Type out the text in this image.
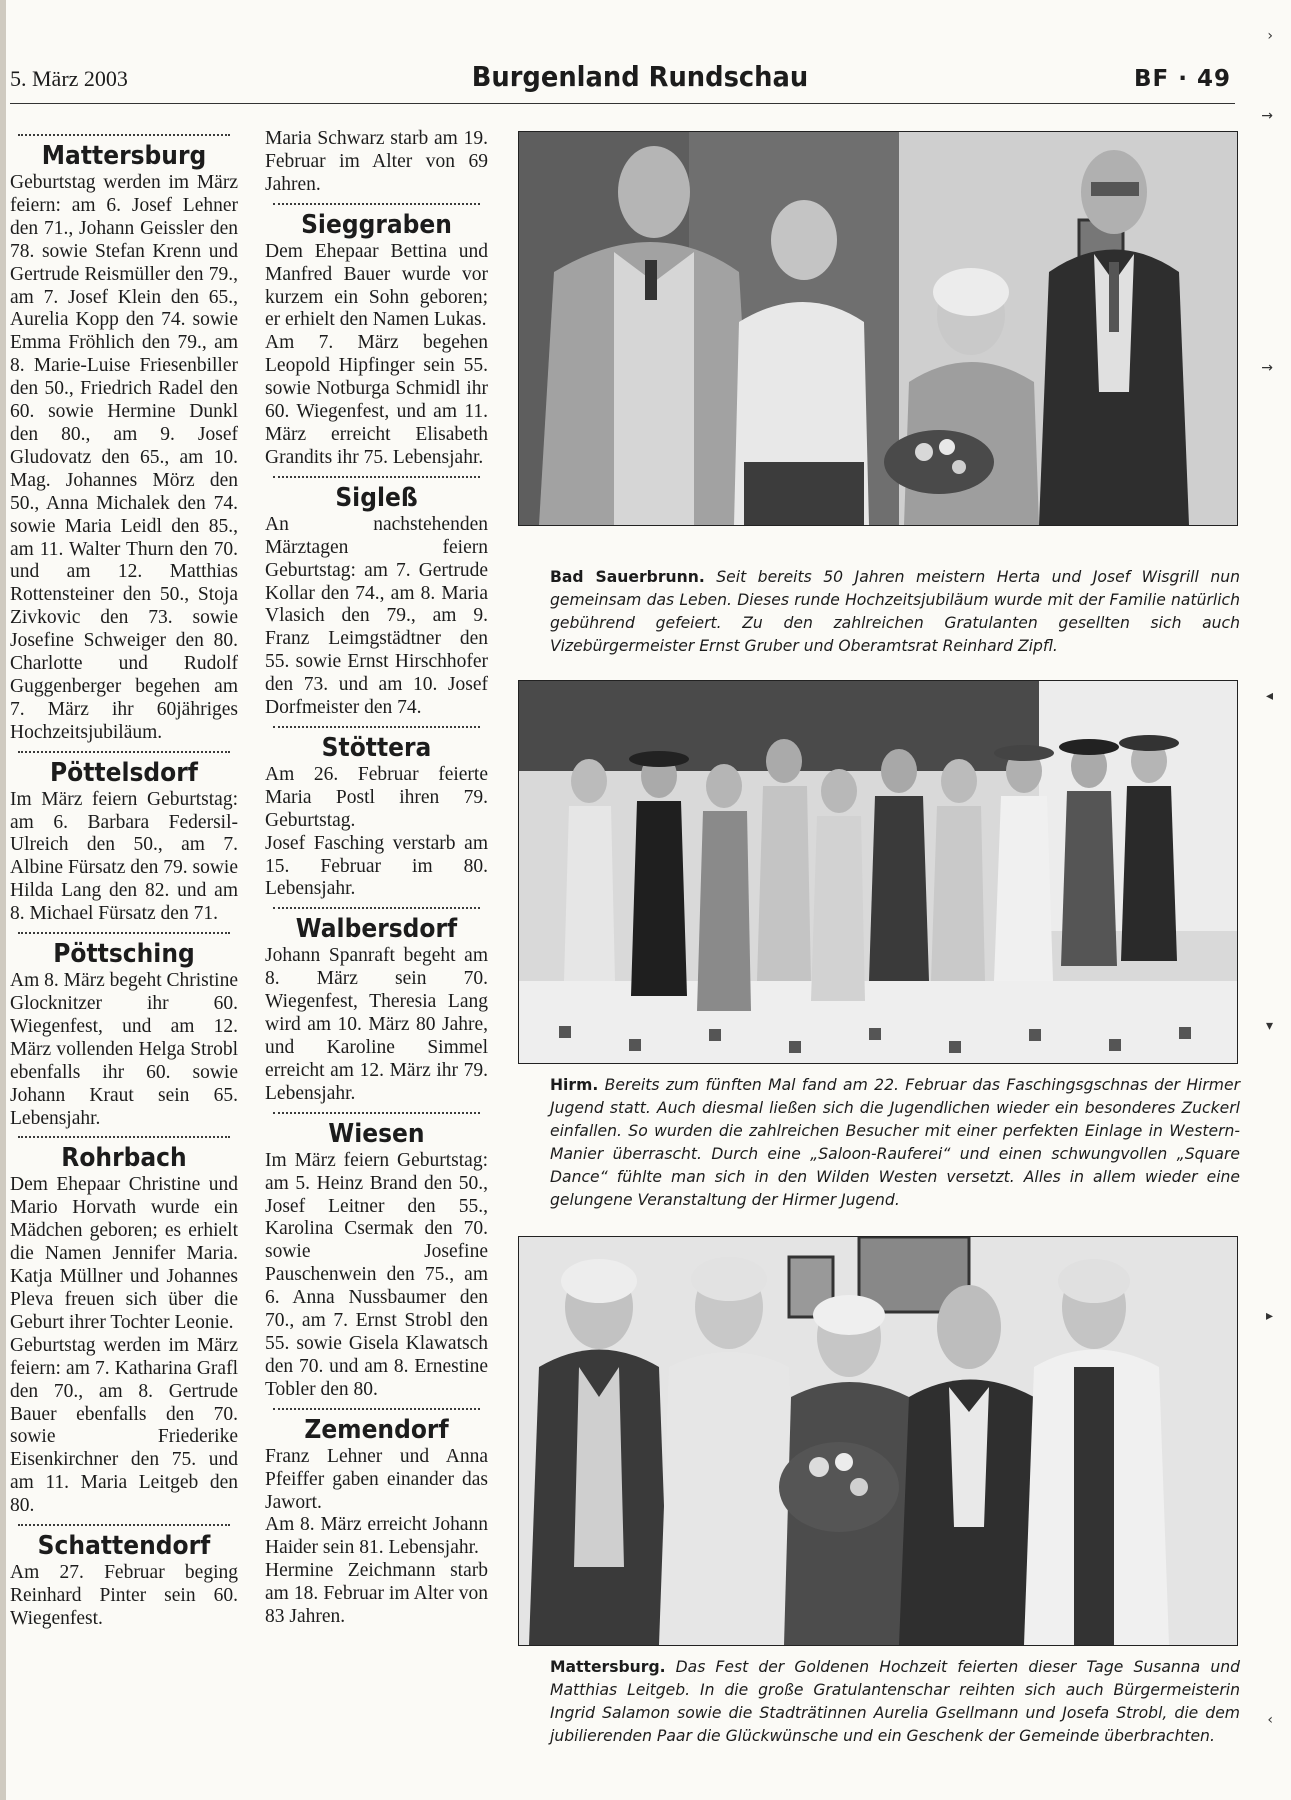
5. März 2003	Burgenland Rundschau	BF · 49
Mattersburg

Geburtstag werden im März feiern: am 6. Josef Lehner den 71., Johann Geissler den 78. sowie Stefan Krenn und Gertrude Reismüller den 79., am 7. Josef Klein den 65., Aurelia Kopp den 74. sowie Emma Fröhlich den 79., am 8. Marie-Luise Friesenbiller den 50., Friedrich Radel den 60. sowie Hermine Dunkl den 80., am 9. Josef Gludovatz den 65., am 10. Mag. Johannes Mörz den 50., Anna Michalek den 74. sowie Maria Leidl den 85., am 11. Walter Thurn den 70. und am 12. Matthias Rottensteiner den 50., Stoja Zivkovic den 73. sowie Josefine Schweiger den 80. Charlotte und Rudolf Guggenberger begehen am 7. März ihr 60jähriges Hochzeitsjubiläum.

Pöttelsdorf

Im März feiern Geburtstag: am 6. Barbara Federsil-Ulreich den 50., am 7. Albine Fürsatz den 79. sowie Hilda Lang den 82. und am 8. Michael Fürsatz den 71.

Pöttsching

Am 8. März begeht Christine Glocknitzer ihr 60. Wiegenfest, und am 12. März vollenden Helga Strobl ebenfalls ihr 60. sowie Johann Kraut sein 65. Lebensjahr.

Rohrbach

Dem Ehepaar Christine und Mario Horvath wurde ein Mädchen geboren; es erhielt die Namen Jennifer Maria. Katja Müllner und Johannes Pleva freuen sich über die Geburt ihrer Tochter Leonie.

Geburtstag werden im März feiern: am 7. Katharina Grafl den 70., am 8. Gertrude Bauer ebenfalls den 70. sowie Friederike Eisenkirchner den 75. und am 11. Maria Leitgeb den 80.

Schattendorf

Am 27. Februar beging Reinhard Pinter sein 60. Wiegenfest.

Maria Schwarz starb am 19. Februar im Alter von 69 Jahren.

Sieggraben

Dem Ehepaar Bettina und Manfred Bauer wurde vor kurzem ein Sohn geboren; er erhielt den Namen Lukas.

Am 7. März begehen Leopold Hipfinger sein 55. sowie Notburga Schmidl ihr 60. Wiegenfest, und am 11. März erreicht Elisabeth Grandits ihr 75. Lebensjahr.

Sigleß

An nachstehenden Märztagen feiern Geburtstag: am 7. Gertrude Kollar den 74., am 8. Maria Vlasich den 79., am 9. Franz Leimgstädtner den 55. sowie Ernst Hirschhofer den 73. und am 10. Josef Dorfmeister den 74.

Stöttera

Am 26. Februar feierte Maria Postl ihren 79. Geburtstag.

Josef Fasching verstarb am 15. Februar im 80. Lebensjahr.

Walbersdorf

Johann Spanraft begeht am 8. März sein 70. Wiegenfest, Theresia Lang wird am 10. März 80 Jahre, und Karoline Simmel erreicht am 12. März ihr 79. Lebensjahr.

Wiesen

Im März feiern Geburtstag: am 5. Heinz Brand den 50., Josef Leitner den 55., Karolina Csermak den 70. sowie Josefine Pauschenwein den 75., am 6. Anna Nussbaumer den 70., am 7. Ernst Strobl den 55. sowie Gisela Klawatsch den 70. und am 8. Ernestine Tobler den 80.

Zemendorf

Franz Lehner und Anna Pfeiffer gaben einander das Jawort.

Am 8. März erreicht Johann Haider sein 81. Lebensjahr.

Hermine Zeichmann starb am 18. Februar im Alter von 83 Jahren.

Bad Sauerbrunn. Seit bereits 50 Jahren meistern Herta und Josef Wisgrill nun gemeinsam das Leben. Dieses runde Hochzeitsjubiläum wurde mit der Familie natürlich gebührend gefeiert. Zu den zahlreichen Gratulanten gesellten sich auch Vizebürgermeister Ernst Gruber und Oberamtsrat Reinhard Zipfl.
Hirm. Bereits zum fünften Mal fand am 22. Februar das Faschingsgschnas der Hirmer Jugend statt. Auch diesmal ließen sich die Jugendlichen wieder ein besonderes Zuckerl einfallen. So wurden die zahlreichen Besucher mit einer perfekten Einlage in Western-Manier überrascht. Durch eine „Saloon-Rauferei“ und einen schwungvollen „Square Dance“ fühlte man sich in den Wilden Westen versetzt. Alles in allem wieder eine gelungene Veranstaltung der Hirmer Jugend.
Mattersburg. Das Fest der Goldenen Hochzeit feierten dieser Tage Susanna und Matthias Leitgeb. In die große Gratulantenschar reihten sich auch Bürgermeisterin Ingrid Salamon sowie die Stadträtinnen Aurelia Gsellmann und Josefa Strobl, die dem jubilierenden Paar die Glückwünsche und ein Geschenk der Gemeinde überbrachten.
›
→
→
◂
▾
▸
‹
